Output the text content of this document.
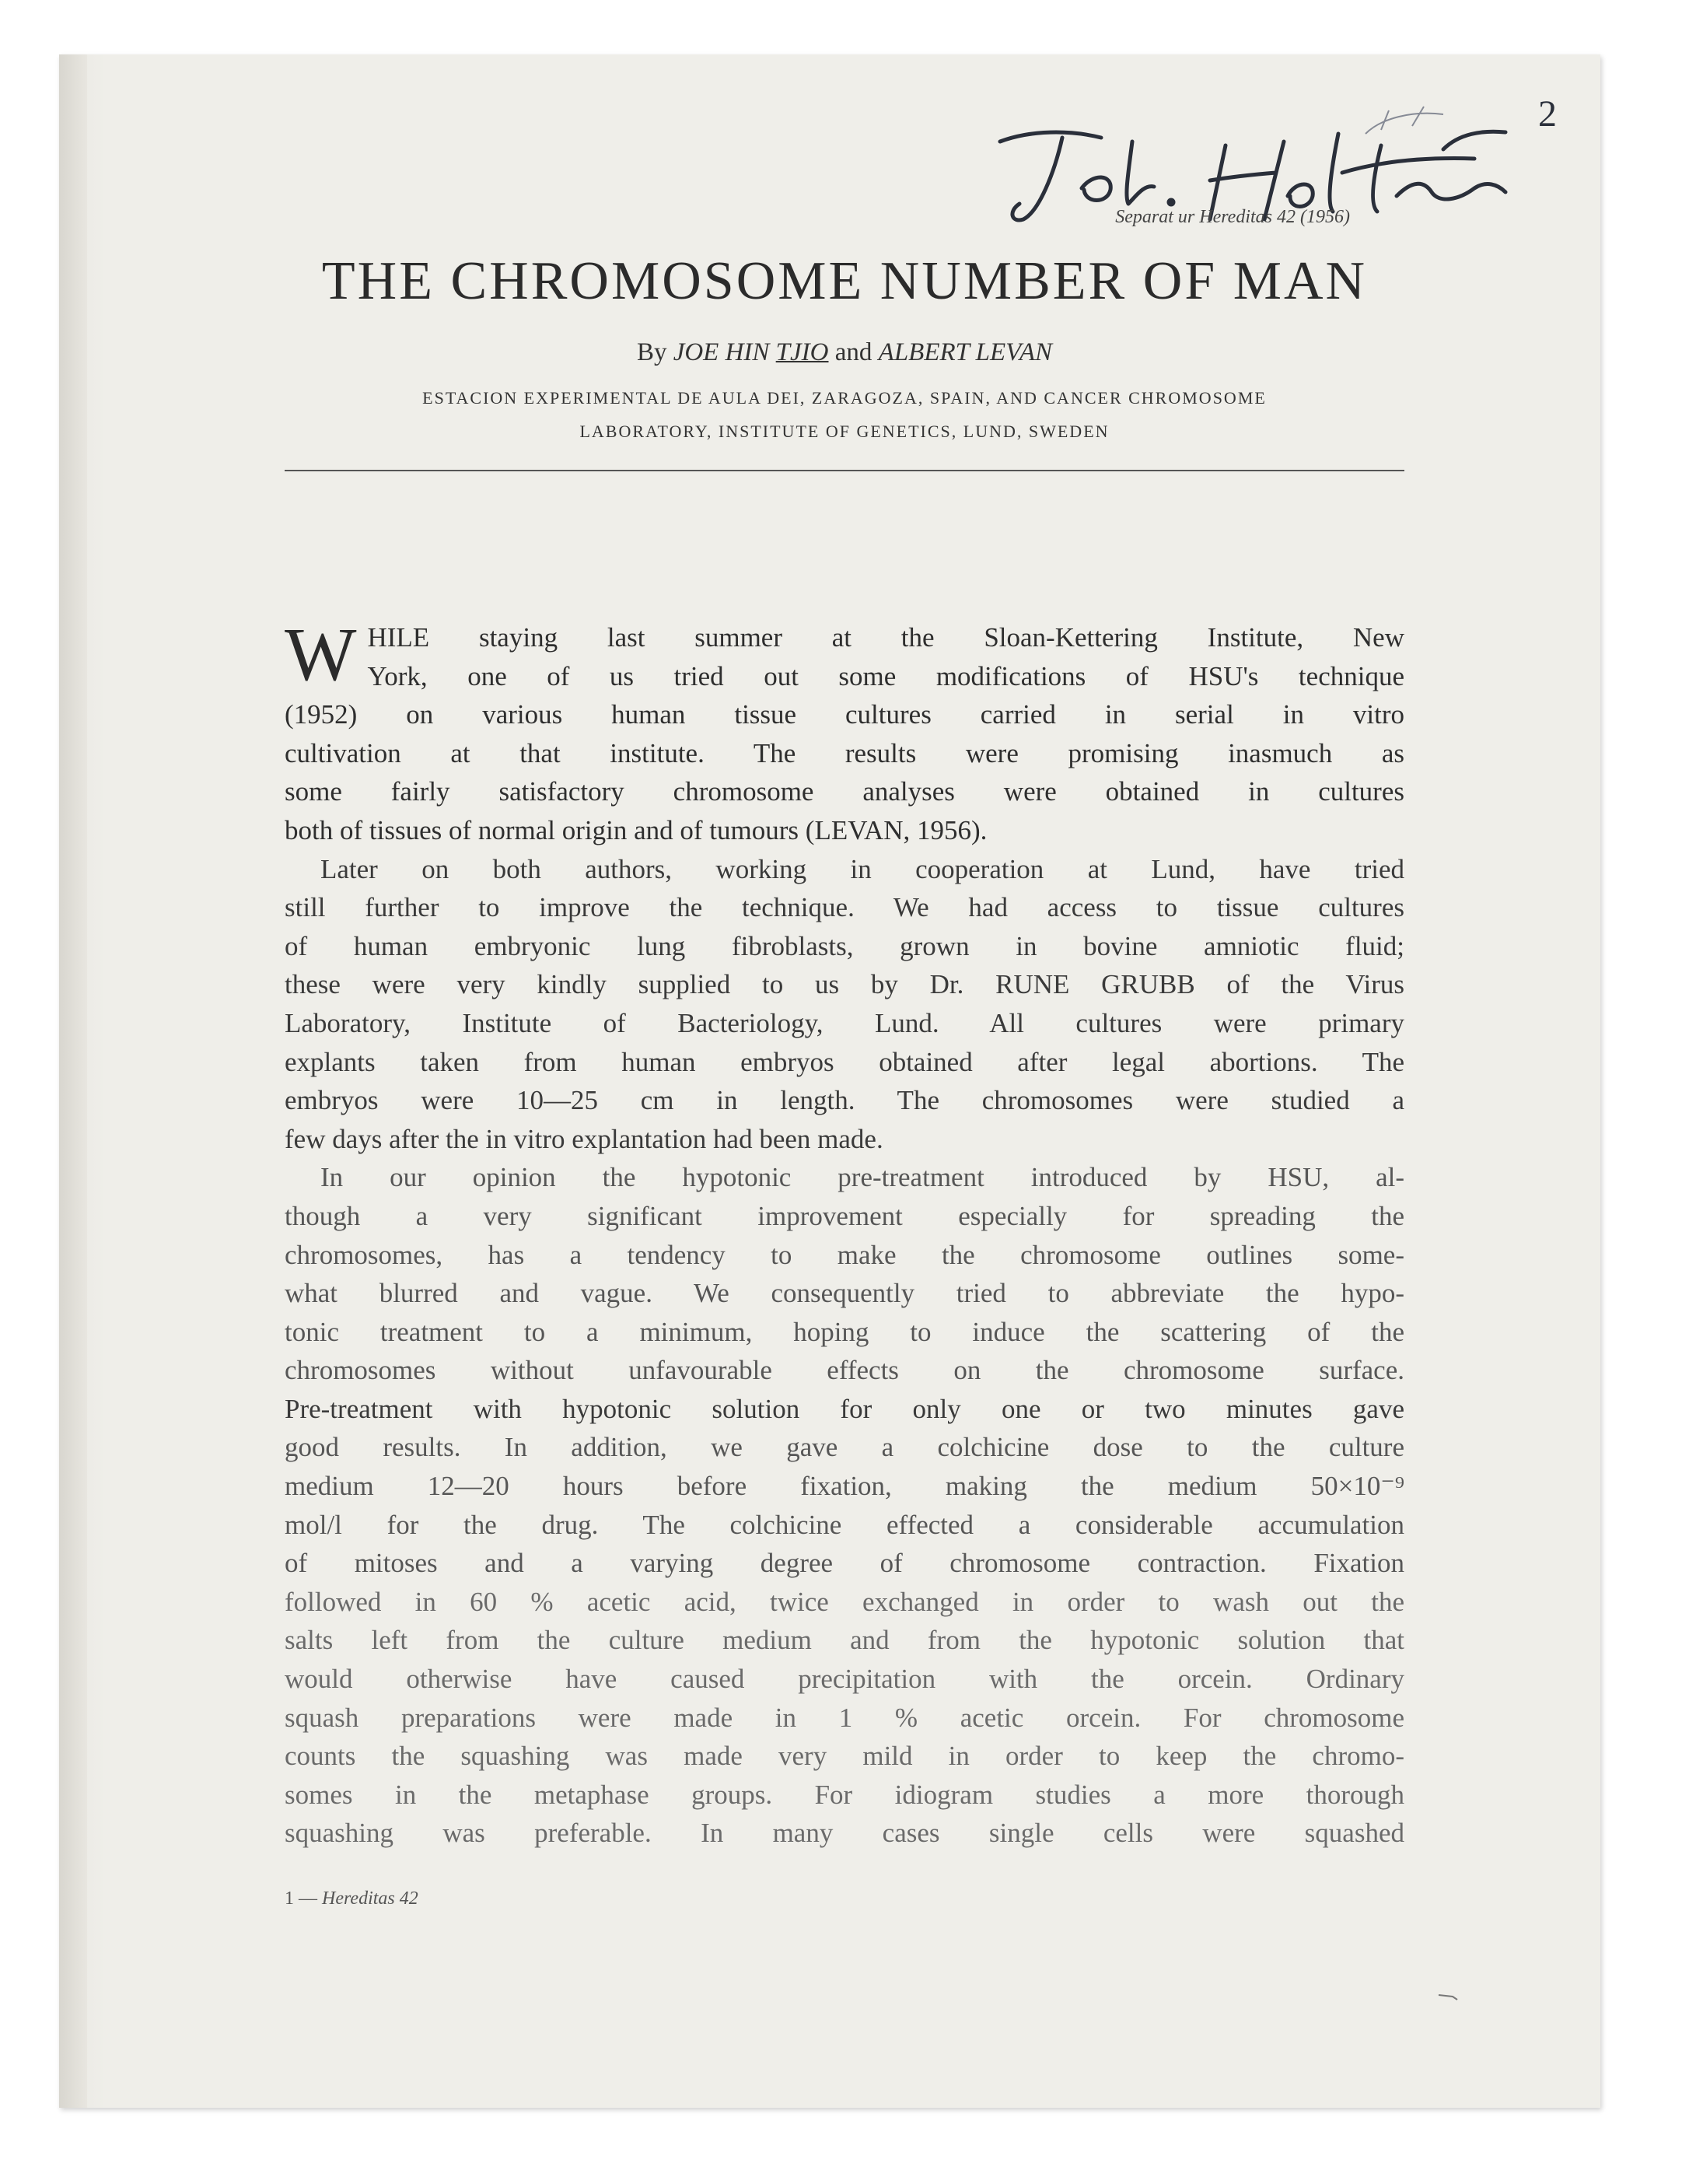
2
Separat ur Hereditas 42 (1956)
THE CHROMOSOME NUMBER OF MAN
By JOE HIN TJIO and ALBERT LEVAN
ESTACION EXPERIMENTAL DE AULA DEI, ZARAGOZA, SPAIN, AND CANCER CHROMOSOME
LABORATORY, INSTITUTE OF GENETICS, LUND, SWEDEN
W HILE staying last summer at the Sloan-Kettering Institute, New

York, one of us tried out some modifications of HSU's technique

(1952) on various human tissue cultures carried in serial in vitro

cultivation at that institute. The results were promising inasmuch as

some fairly satisfactory chromosome analyses were obtained in cultures

both of tissues of normal origin and of tumours (LEVAN, 1956).

Later on both authors, working in cooperation at Lund, have tried

still further to improve the technique. We had access to tissue cultures

of human embryonic lung fibroblasts, grown in bovine amniotic fluid;

these were very kindly supplied to us by Dr. RUNE GRUBB of the Virus

Laboratory, Institute of Bacteriology, Lund. All cultures were primary

explants taken from human embryos obtained after legal abortions. The

embryos were 10—25 cm in length. The chromosomes were studied a

few days after the in vitro explantation had been made.

In our opinion the hypotonic pre-treatment introduced by HSU, al-

though a very significant improvement especially for spreading the

chromosomes, has a tendency to make the chromosome outlines some-

what blurred and vague. We consequently tried to abbreviate the hypo-

tonic treatment to a minimum, hoping to induce the scattering of the

chromosomes without unfavourable effects on the chromosome surface.

Pre-treatment with hypotonic solution for only one or two minutes gave

good results. In addition, we gave a colchicine dose to the culture

medium 12—20 hours before fixation, making the medium 50×10⁻⁹

mol/l for the drug. The colchicine effected a considerable accumulation

of mitoses and a varying degree of chromosome contraction. Fixation

followed in 60 % acetic acid, twice exchanged in order to wash out the

salts left from the culture medium and from the hypotonic solution that

would otherwise have caused precipitation with the orcein. Ordinary

squash preparations were made in 1 % acetic orcein. For chromosome

counts the squashing was made very mild in order to keep the chromo-

somes in the metaphase groups. For idiogram studies a more thorough

squashing was preferable. In many cases single cells were squashed

1 — Hereditas 42
